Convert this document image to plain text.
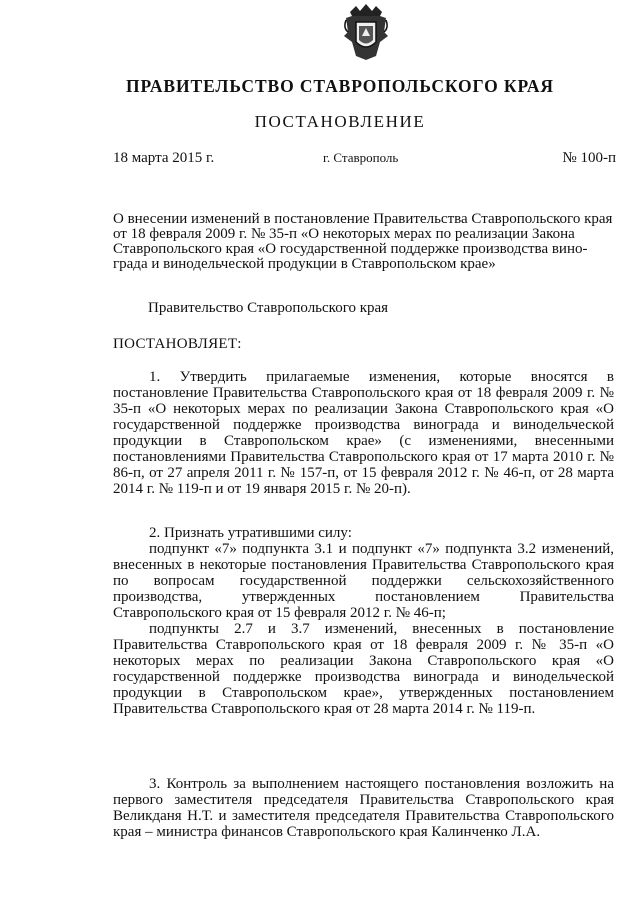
ПРАВИТЕЛЬСТВО СТАВРОПОЛЬСКОГО КРАЯ
ПОСТАНОВЛЕНИЕ
18 марта 2015 г.	г. Ставрополь	№ 100-п
О внесении изменений в постановление Правительства Ставропольского края
от 18 февраля 2009 г. № 35-п «О некоторых мерах по реализации Закона
Ставропольского края «О государственной поддержке производства вино-
града и винодельческой продукции в Ставропольском крае»
Правительство Ставропольского края
ПОСТАНОВЛЯЕТ:

1. Утвердить прилагаемые изменения, которые вносятся в постановление Правительства Ставропольского края от 18 февраля 2009 г. № 35-п «О некоторых мерах по реализации Закона Ставропольского края «О государственной поддержке производства винограда и винодельческой продукции в Ставропольском крае» (с изменениями, внесенными постановлениями Правительства Ставропольского края от 17 марта 2010 г. № 86-п, от 27 апреля 2011 г. № 157-п, от 15 февраля 2012 г. № 46-п, от 28 марта 2014 г. № 119-п и от 19 января 2015 г. № 20-п).

2. Признать утратившими силу:

подпункт «7» подпункта 3.1 и подпункт «7» подпункта 3.2 изменений, внесенных в некоторые постановления Правительства Ставропольского края по вопросам государственной поддержки сельскохозяйственного производства, утвержденных постановлением Правительства Ставропольского края от 15 февраля 2012 г. № 46-п;

подпункты 2.7 и 3.7 изменений, внесенных в постановление Правительства Ставропольского края от 18 февраля 2009 г. № 35-п «О некоторых мерах по реализации Закона Ставропольского края «О государственной поддержке производства винограда и винодельческой продукции в Ставропольском крае», утвержденных постановлением Правительства Ставропольского края от 28 марта 2014 г. № 119-п.

3. Контроль за выполнением настоящего постановления возложить на первого заместителя председателя Правительства Ставропольского края Великданя Н.Т. и заместителя председателя Правительства Ставропольского края – министра финансов Ставропольского края Калинченко Л.А.
